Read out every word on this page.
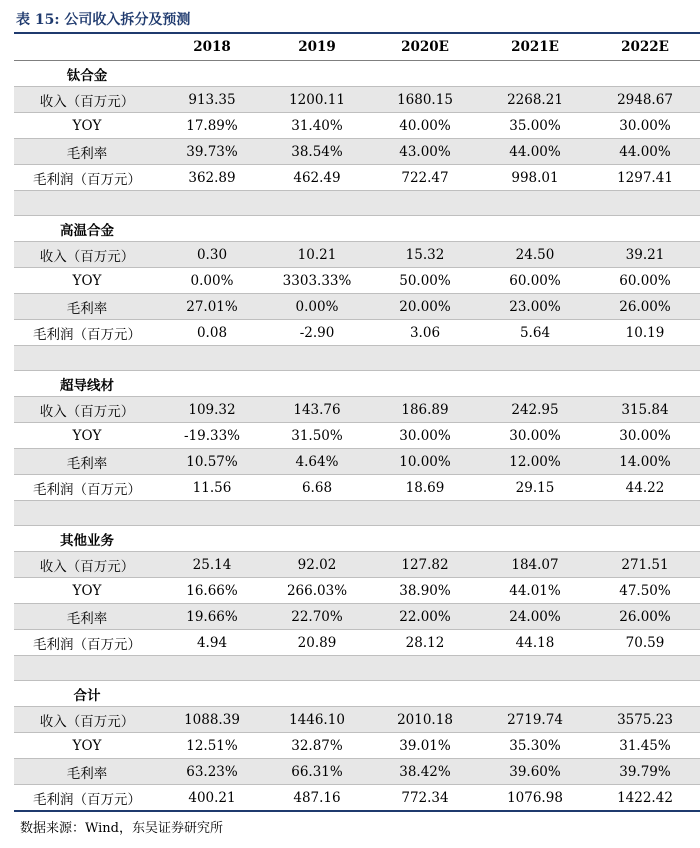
表 15: 公司收入拆分及预测
	2018	2019	2020E	2021E	2022E
钛合金					
收入（百万元）	913.35	1200.11	1680.15	2268.21	2948.67
YOY	17.89%	31.40%	40.00%	35.00%	30.00%
毛利率	39.73%	38.54%	43.00%	44.00%	44.00%
毛利润（百万元）	362.89	462.49	722.47	998.01	1297.41

高温合金					
收入（百万元）	0.30	10.21	15.32	24.50	39.21
YOY	0.00%	3303.33%	50.00%	60.00%	60.00%
毛利率	27.01%	0.00%	20.00%	23.00%	26.00%
毛利润（百万元）	0.08	-2.90	3.06	5.64	10.19

超导线材					
收入（百万元）	109.32	143.76	186.89	242.95	315.84
YOY	-19.33%	31.50%	30.00%	30.00%	30.00%
毛利率	10.57%	4.64%	10.00%	12.00%	14.00%
毛利润（百万元）	11.56	6.68	18.69	29.15	44.22

其他业务					
收入（百万元）	25.14	92.02	127.82	184.07	271.51
YOY	16.66%	266.03%	38.90%	44.01%	47.50%
毛利率	19.66%	22.70%	22.00%	24.00%	26.00%
毛利润（百万元）	4.94	20.89	28.12	44.18	70.59

合计					
收入（百万元）	1088.39	1446.10	2010.18	2719.74	3575.23
YOY	12.51%	32.87%	39.01%	35.30%	31.45%
毛利率	63.23%	66.31%	38.42%	39.60%	39.79%
毛利润（百万元）	400.21	487.16	772.34	1076.98	1422.42
数据来源：Wind，东吴证券研究所
